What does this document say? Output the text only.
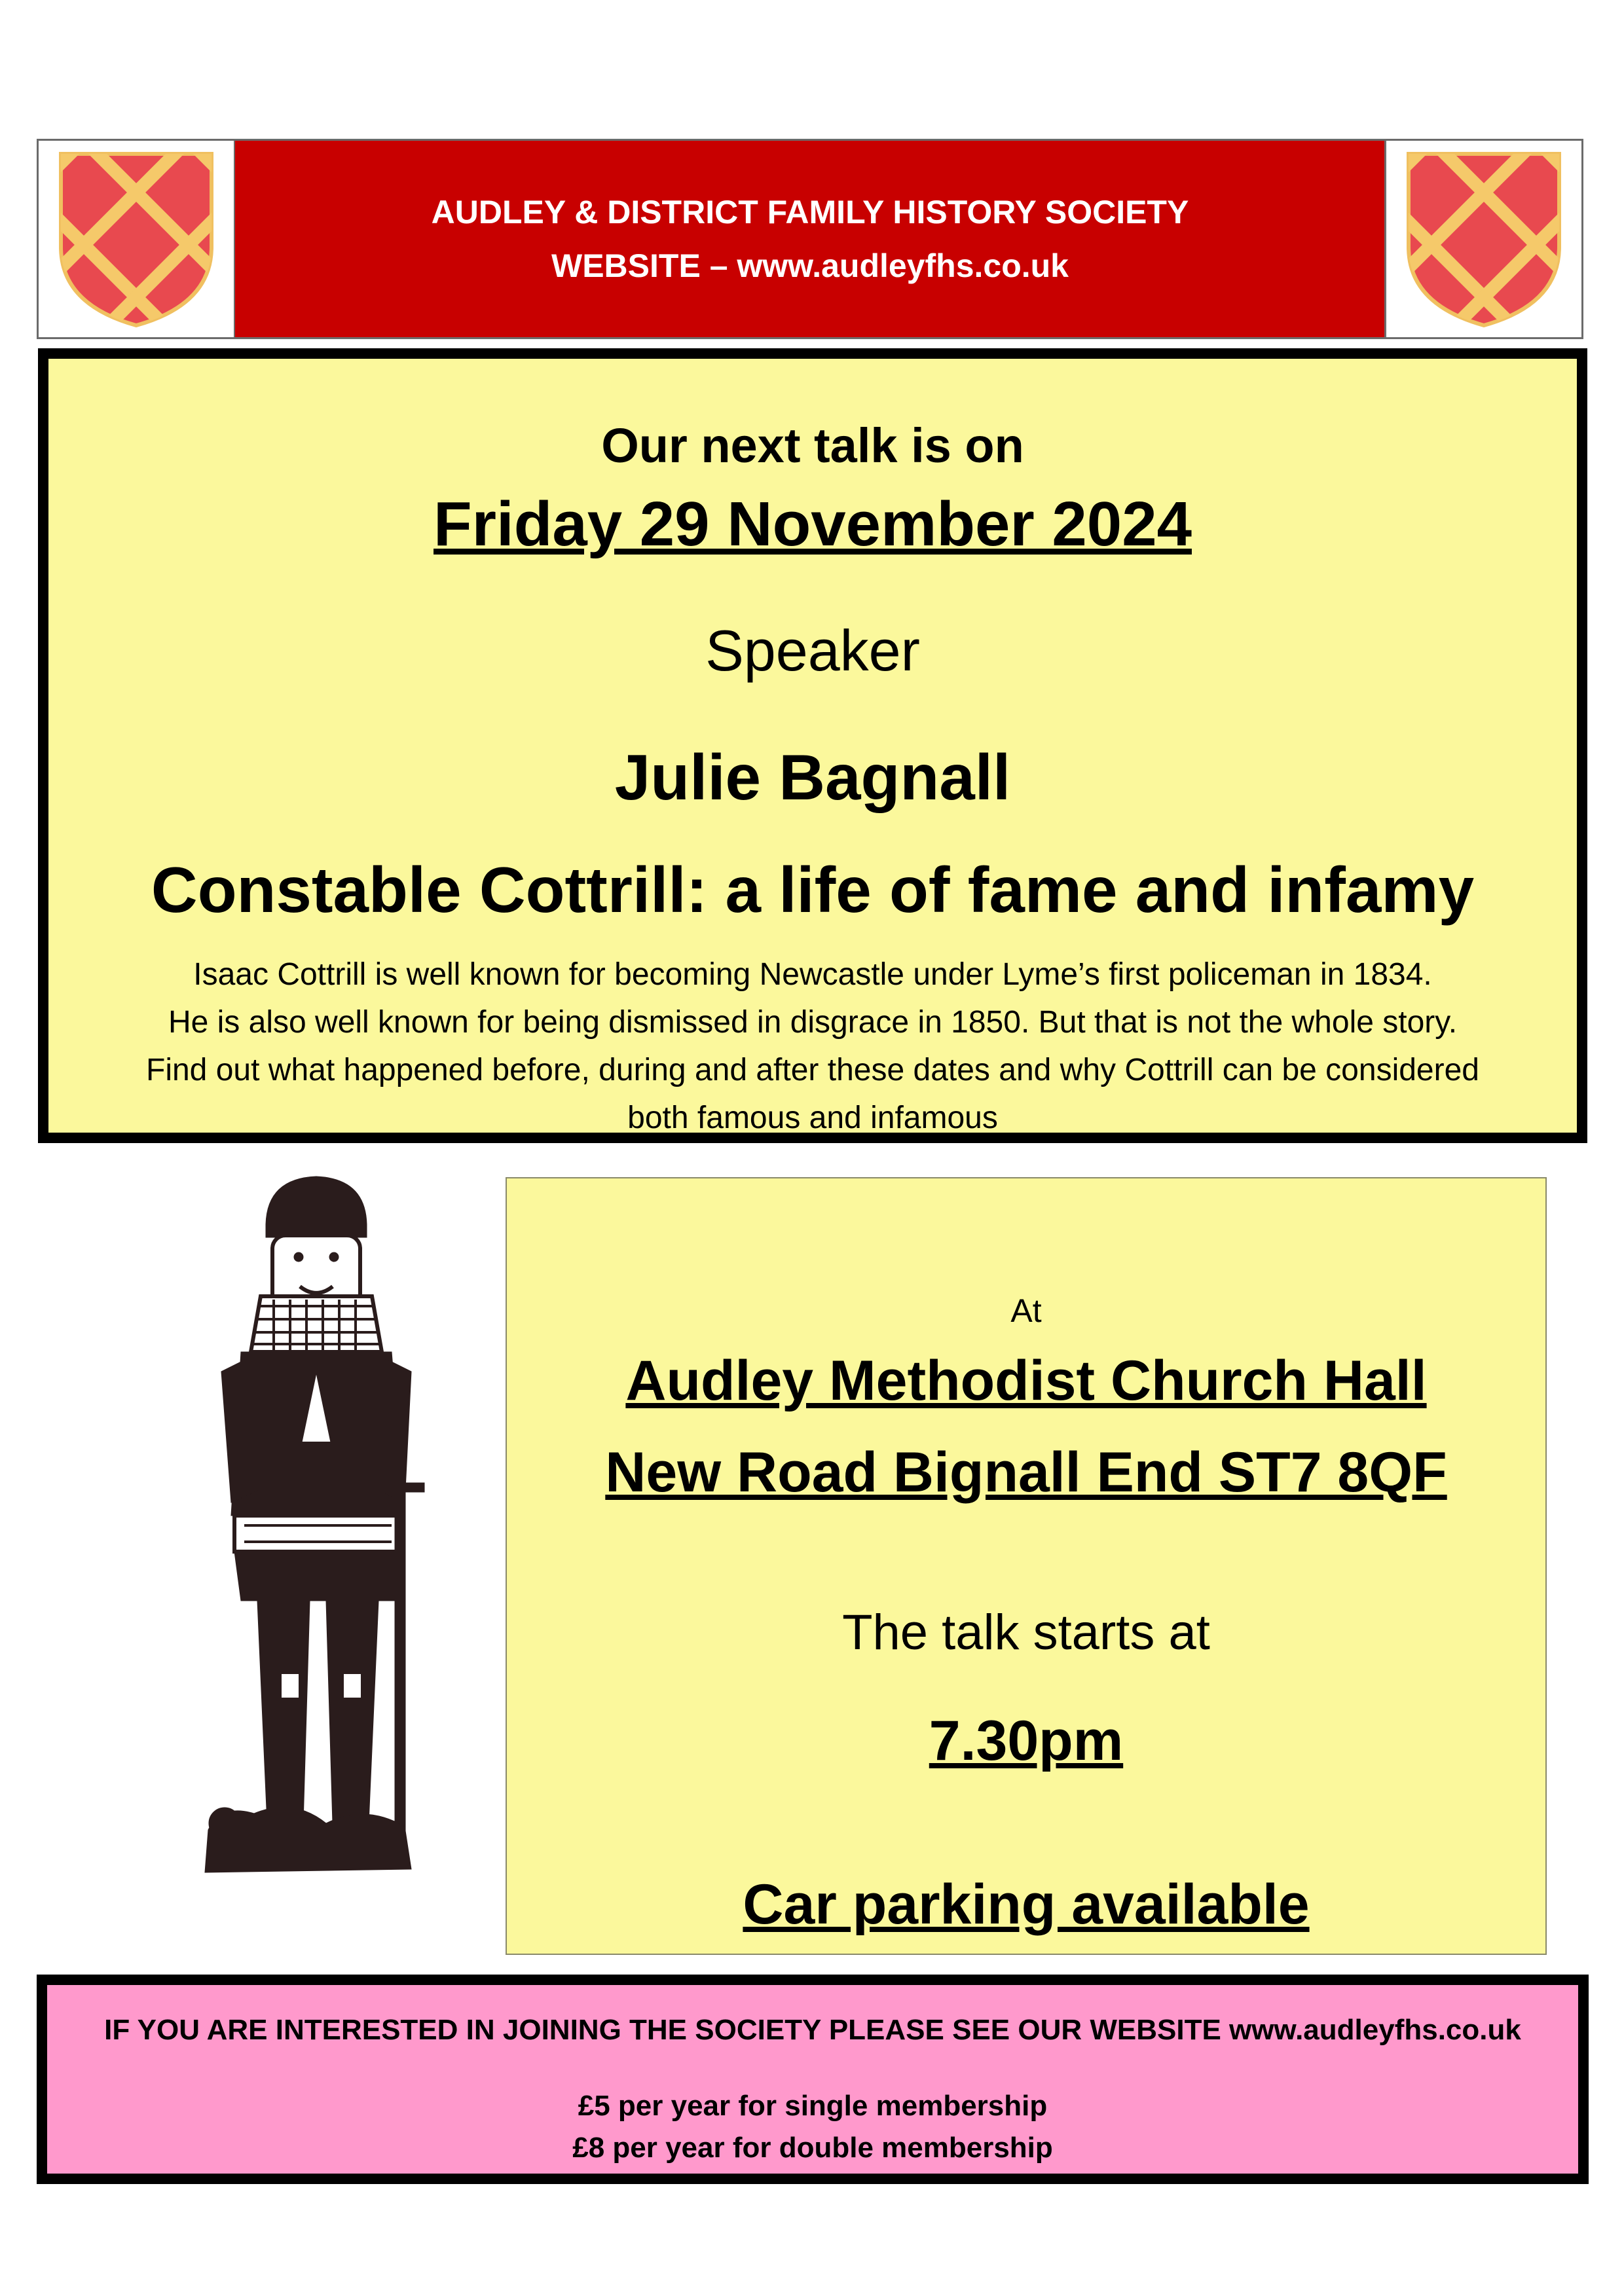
AUDLEY & DISTRICT FAMILY HISTORY SOCIETY
WEBSITE – www.audleyfhs.co.uk
Our next talk is on
Friday 29 November 2024
Speaker
Julie Bagnall
Constable Cottrill: a life of fame and infamy
Isaac Cottrill is well known for becoming Newcastle under Lyme’s first policeman in 1834.
He is also well known for being dismissed in disgrace in 1850. But that is not the whole story.
Find out what happened before, during and after these dates and why Cottrill can be considered
both famous and infamous
At
Audley Methodist Church Hall
New Road Bignall End ST7 8QF
The talk starts at
7.30pm
Car parking available
IF YOU ARE INTERESTED IN JOINING THE SOCIETY PLEASE SEE OUR WEBSITE www.audleyfhs.co.uk
£5 per year for single membership
£8 per year for double membership
